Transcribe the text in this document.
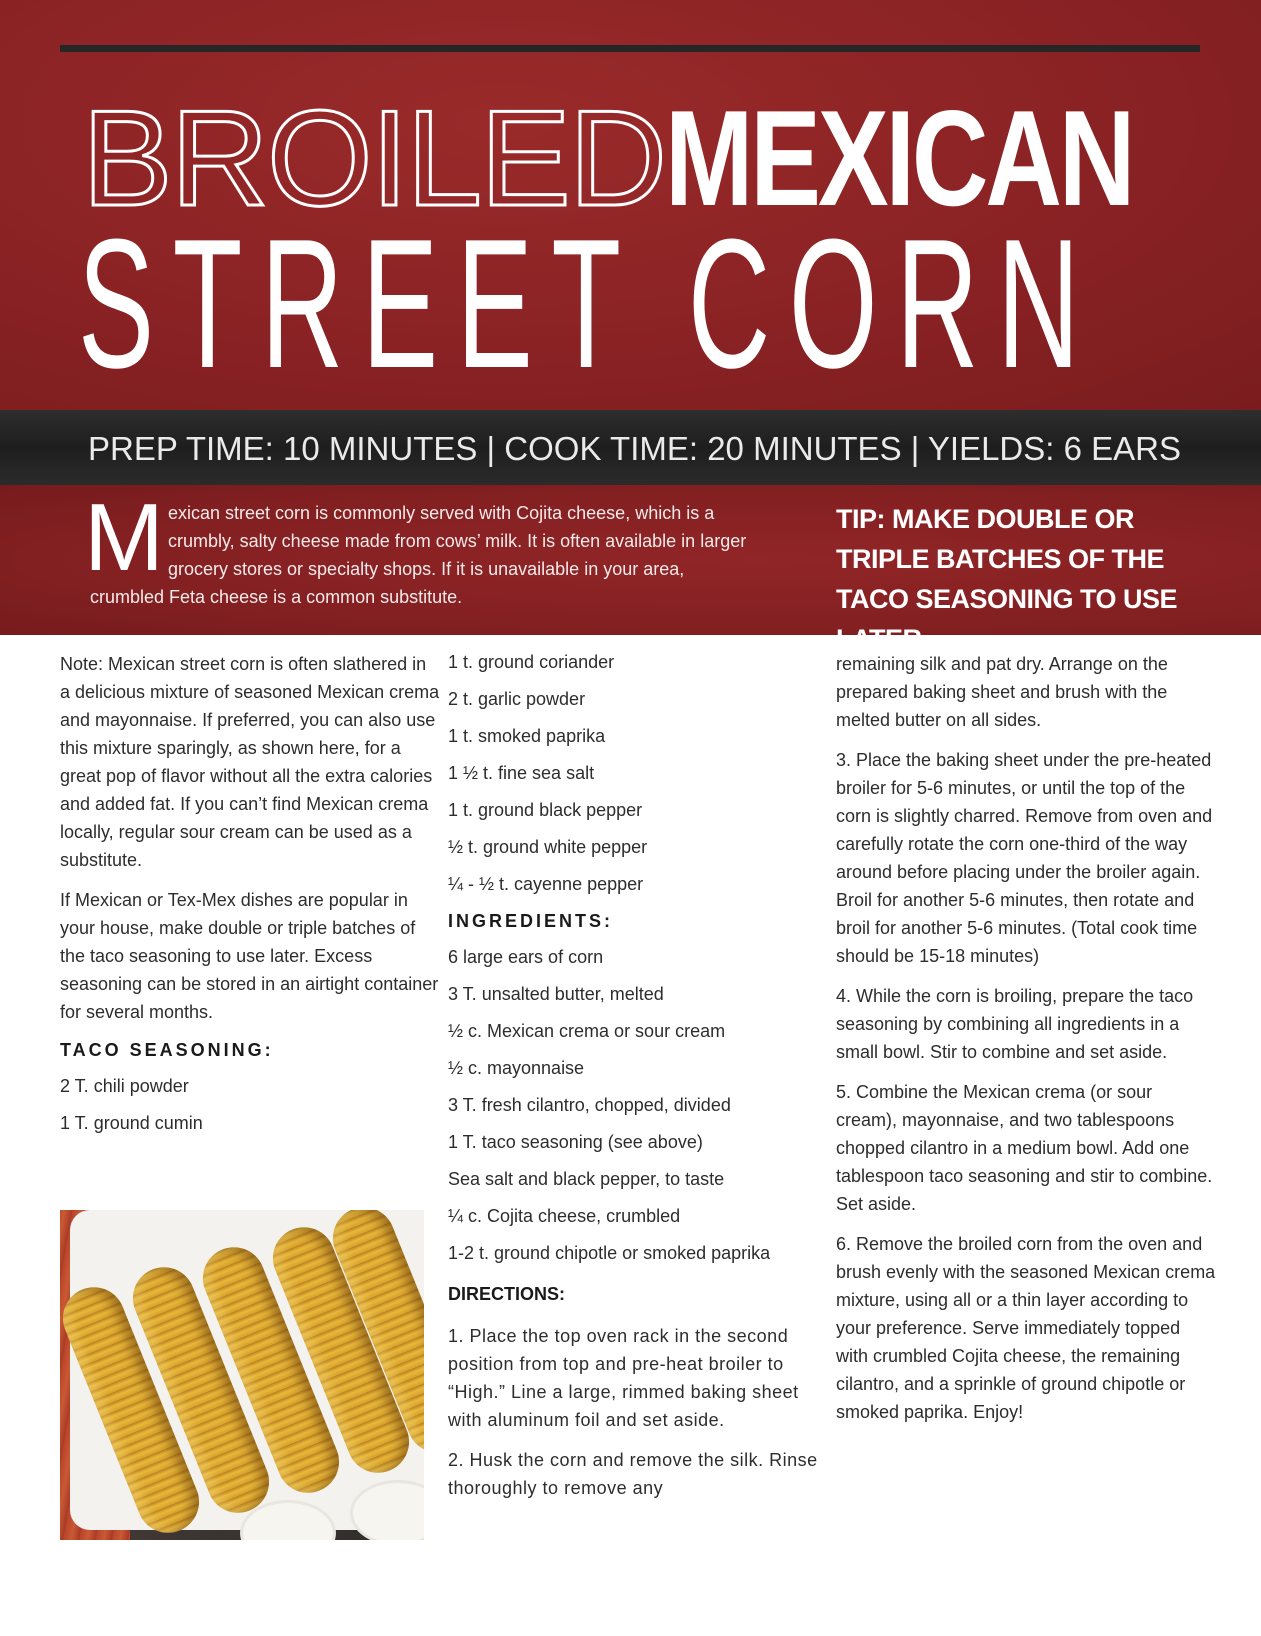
BROILEDMEXICAN
STREET CORN
PREP TIME: 10 MINUTES | COOK TIME: 20 MINUTES | YIELDS: 6 EARS
M exican street corn is commonly served with Cojita cheese, which is a
crumbly, salty cheese made from cows’ milk. It is often available in larger
grocery stores or specialty shops. If it is unavailable in your area,
crumbled Feta cheese is a common substitute.
TIP: MAKE DOUBLE OR TRIPLE BATCHES OF THE TACO SEASONING TO USE LATER.

Note: Mexican street corn is often slathered in a delicious mixture of seasoned Mexican crema and mayonnaise. If preferred, you can also use this mixture sparingly, as shown here, for a great pop of flavor without all the extra calories and added fat. If you can’t find Mexican crema locally, regular sour cream can be used as a substitute.

If Mexican or Tex-Mex dishes are popular in your house, make double or triple batches of the taco seasoning to use later. Excess seasoning can be stored in an airtight container for several months.

TACO SEASONING:
2 T. chili powder
1 T. ground cumin
1 t. ground coriander
2 t. garlic powder
1 t. smoked paprika
1 ½ t. fine sea salt
1 t. ground black pepper
½ t. ground white pepper
¼ - ½ t. cayenne pepper
INGREDIENTS:
6 large ears of corn
3 T. unsalted butter, melted
½ c. Mexican crema or sour cream
½ c. mayonnaise
3 T. fresh cilantro, chopped, divided
1 T. taco seasoning (see above)
Sea salt and black pepper, to taste
¼ c. Cojita cheese, crumbled
1-2 t. ground chipotle or smoked paprika
DIRECTIONS:

1. Place the top oven rack in the second position from top and pre-heat broiler to “High.” Line a large, rimmed baking sheet with aluminum foil and set aside.

2. Husk the corn and remove the silk. Rinse thoroughly to remove any

remaining silk and pat dry. Arrange on the prepared baking sheet and brush with the melted butter on all sides.

3. Place the baking sheet under the pre-heated broiler for 5-6 minutes, or until the top of the corn is slightly charred. Remove from oven and carefully rotate the corn one-third of the way around before placing under the broiler again. Broil for another 5-6 minutes, then rotate and broil for another 5-6 minutes. (Total cook time should be 15-18 minutes)

4. While the corn is broiling, prepare the taco seasoning by combining all ingredients in a small bowl. Stir to combine and set aside.

5. Combine the Mexican crema (or sour cream), mayonnaise, and two tablespoons chopped cilantro in a medium bowl. Add one tablespoon taco seasoning and stir to combine. Set aside.

6. Remove the broiled corn from the oven and brush evenly with the seasoned Mexican crema mixture, using all or a thin layer according to your preference. Serve immediately topped with crumbled Cojita cheese, the remaining cilantro, and a sprinkle of ground chipotle or smoked paprika. Enjoy!
